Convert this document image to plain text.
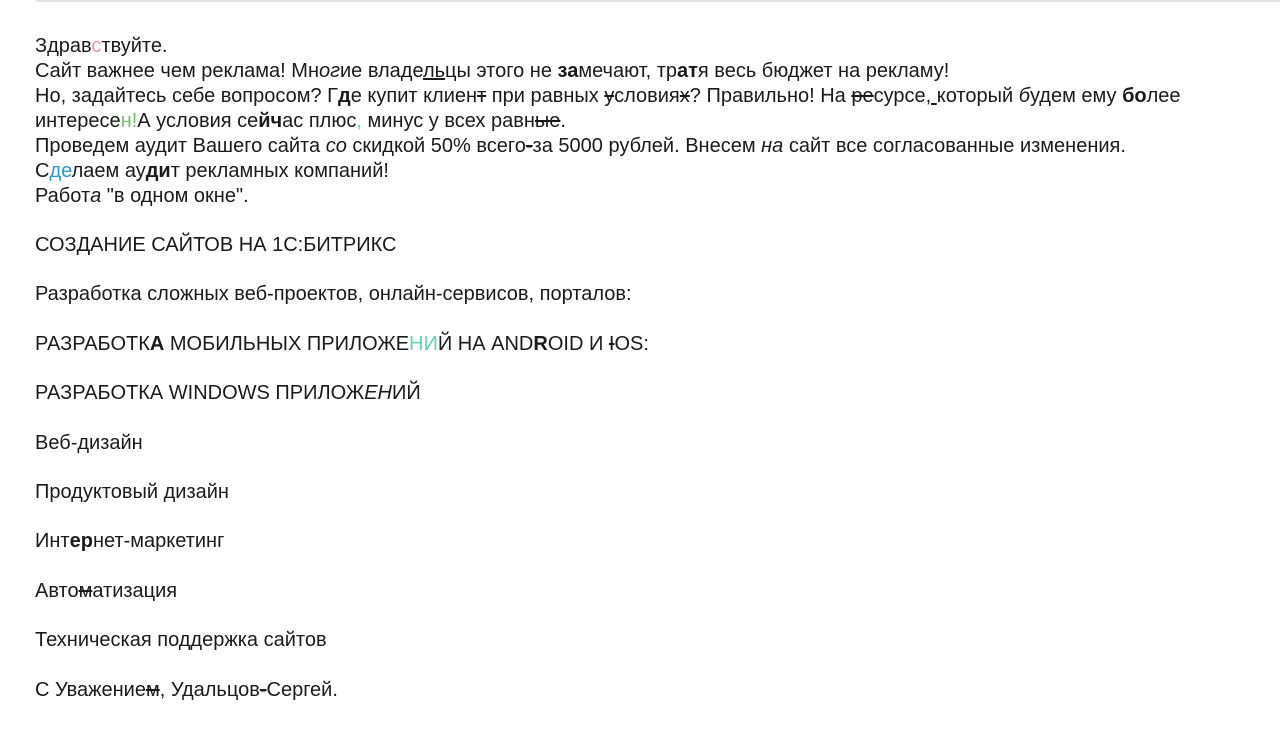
Здравствуйте.

Сайт важнее чем реклама! Многие владельцы этого не замечают, тратя весь бюджет на рекламу!

Но, задайтесь себе вопросом? Где купит клиент при равных условиях? Правильно! На ресурсе, который будем ему более

интересен!А условия сейчас плюс, минус у всех равные.

Проведем аудит Вашего сайта со скидкой 50% всего-за 5000 рублей. Внесем на сайт все согласованные изменения.

Сделаем аудит рекламных компаний!

Работа "в одном окне".

СОЗДАНИЕ САЙТОВ НА 1С:БИТРИКС

Разработка сложных веб-проектов, онлайн-сервисов, порталов:

РАЗРАБОТКА МОБИЛЬНЫХ ПРИЛОЖЕНИЙ НА ANDROID И IOS:

РАЗРАБОТКА WINDOWS ПРИЛОЖЕНИЙ

Веб-дизайн

Продуктовый дизайн

Интернет-маркетинг

Автоматизация

Техническая поддержка сайтов

С Уважением, Удальцов-Сергей.
